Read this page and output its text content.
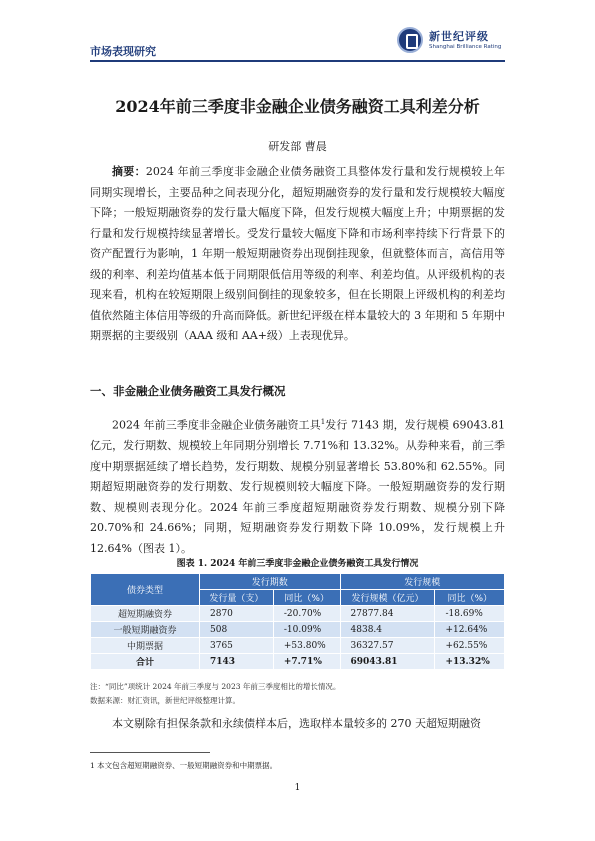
市场表现研究
新世纪评级
Shanghai Brilliance Rating
2024年前三季度非金融企业债务融资工具利差分析
研发部 曹晨
摘要：2024 年前三季度非金融企业债务融资工具整体发行量和发行规模较上年同期实现增长，主要品种之间表现分化，超短期融资券的发行量和发行规模较大幅度下降；一般短期融资券的发行量大幅度下降，但发行规模大幅度上升；中期票据的发行量和发行规模持续显著增长。受发行量较大幅度下降和市场利率持续下行背景下的资产配置行为影响，1 年期一般短期融资券出现倒挂现象，但就整体而言，高信用等级的利率、利差均值基本低于同期限低信用等级的利率、利差均值。从评级机构的表现来看，机构在较短期限上级别间倒挂的现象较多，但在长期限上评级机构的利差均值依然随主体信用等级的升高而降低。新世纪评级在样本量较大的 3 年期和 5 年期中期票据的主要级别（AAA 级和 AA+级）上表现优异。
一、非金融企业债务融资工具发行概况
2024 年前三季度非金融企业债务融资工具$^1$发行 7143 期，发行规模 69043.81 亿元，发行期数、规模较上年同期分别增长 7.71%和 13.32%。从券种来看，前三季度中期票据延续了增长趋势，发行期数、规模分别显著增长 53.80%和 62.55%。同期超短期融资券的发行期数、发行规模则较大幅度下降。一般短期融资券的发行期数、规模则表现分化。2024 年前三季度超短期融资券发行期数、规模分别下降 20.70%和 24.66%；同期，短期融资券发行期数下降 10.09%，发行规模上升 12.64%（图表 1）。
图表 1. 2024 年前三季度非金融企业债务融资工具发行情况
债券类型	发行期数		发行规模	
	发行量（支）	同比（%）	发行规模（亿元）	同比（%）
超短期融资券	2870	-20.70%	27877.84	-18.69%
一般短期融资券	508	-10.09%	4838.4	+12.64%
中期票据	3765	+53.80%	36327.57	+62.55%
合计	7143	+7.71%	69043.81	+13.32%
注：“同比”项统计 2024 年前三季度与 2023 年前三季度相比的增长情况。
数据来源：财汇资讯，新世纪评级整理计算。
本文剔除有担保条款和永续债样本后，选取样本量较多的 270 天超短期融资
1 本文包含超短期融资券、一般短期融资券和中期票据。
1
